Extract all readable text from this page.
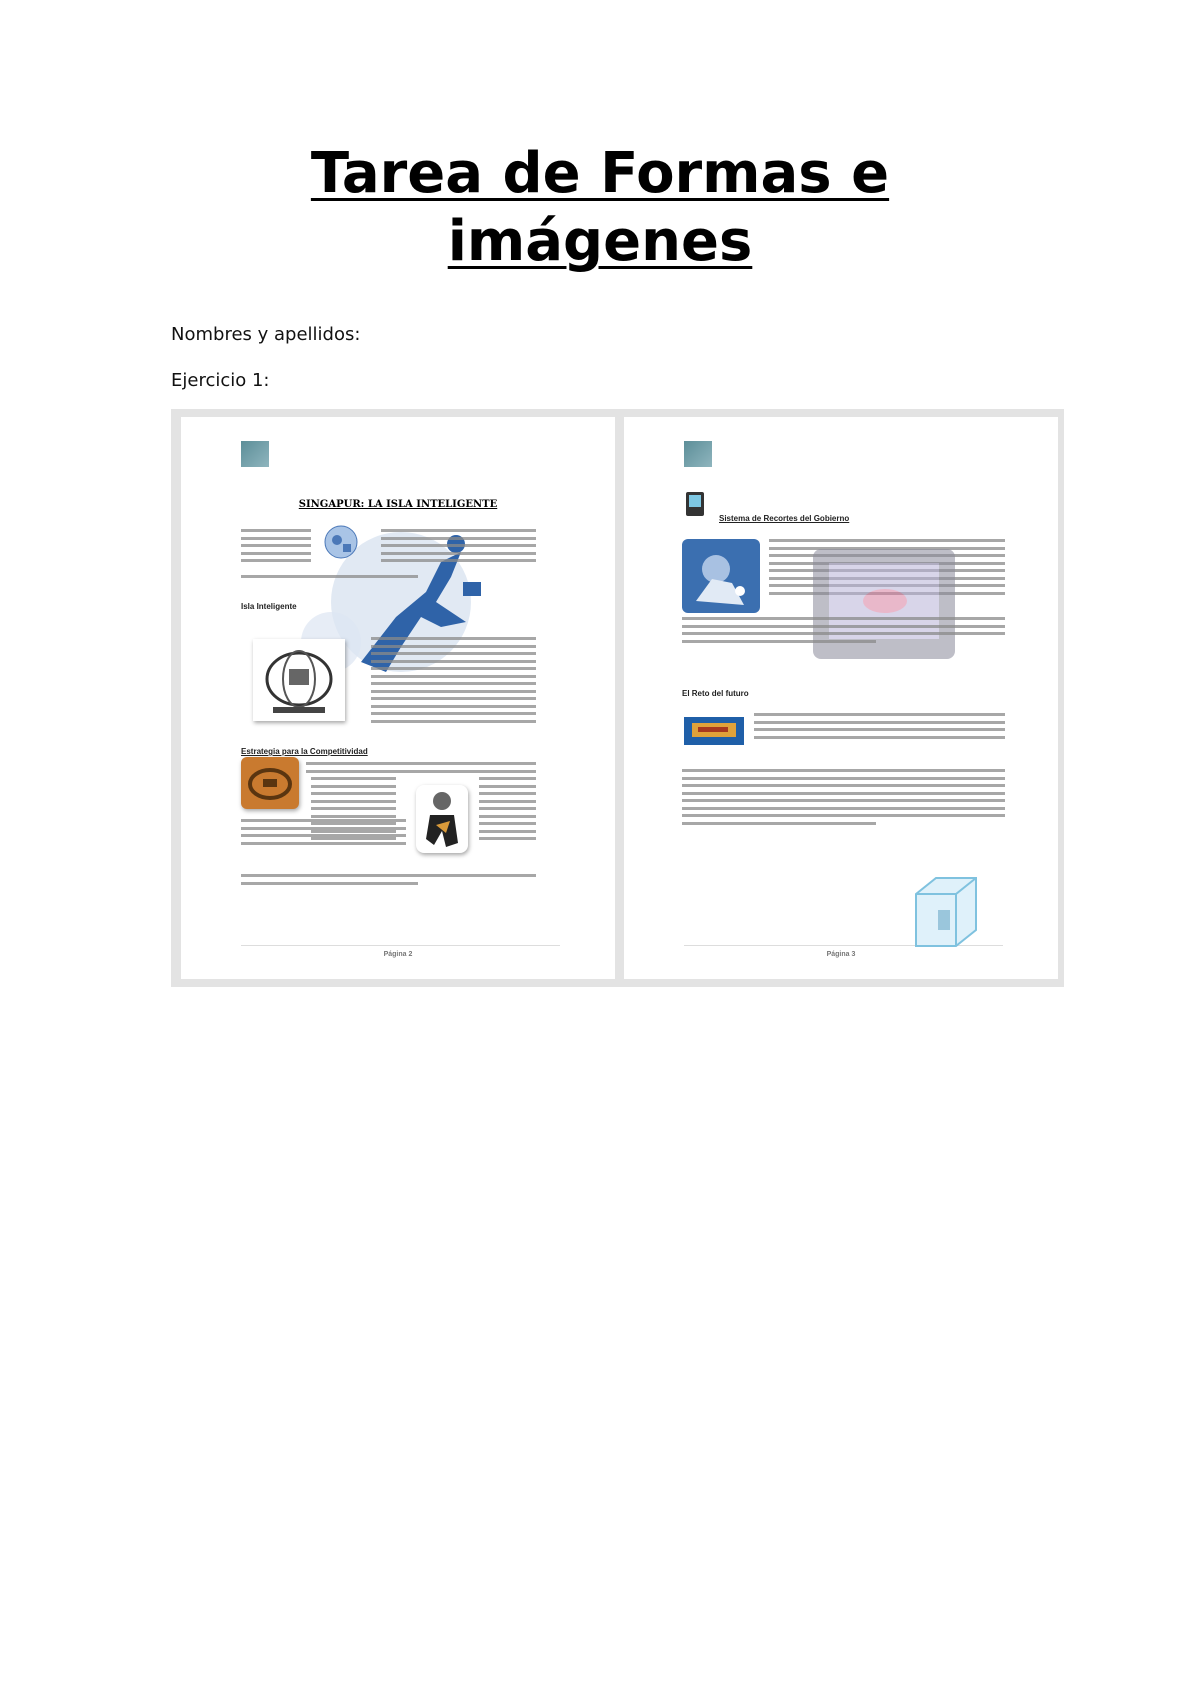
Tarea de Formas e
imágenes
Nombres y apellidos:
Ejercicio 1:
Página 2
SINGAPUR: LA ISLA INTELIGENTE
Isla Inteligente
Estrategia para la Competitividad
Página 3
Sistema de Recortes del Gobierno
El Reto del futuro
